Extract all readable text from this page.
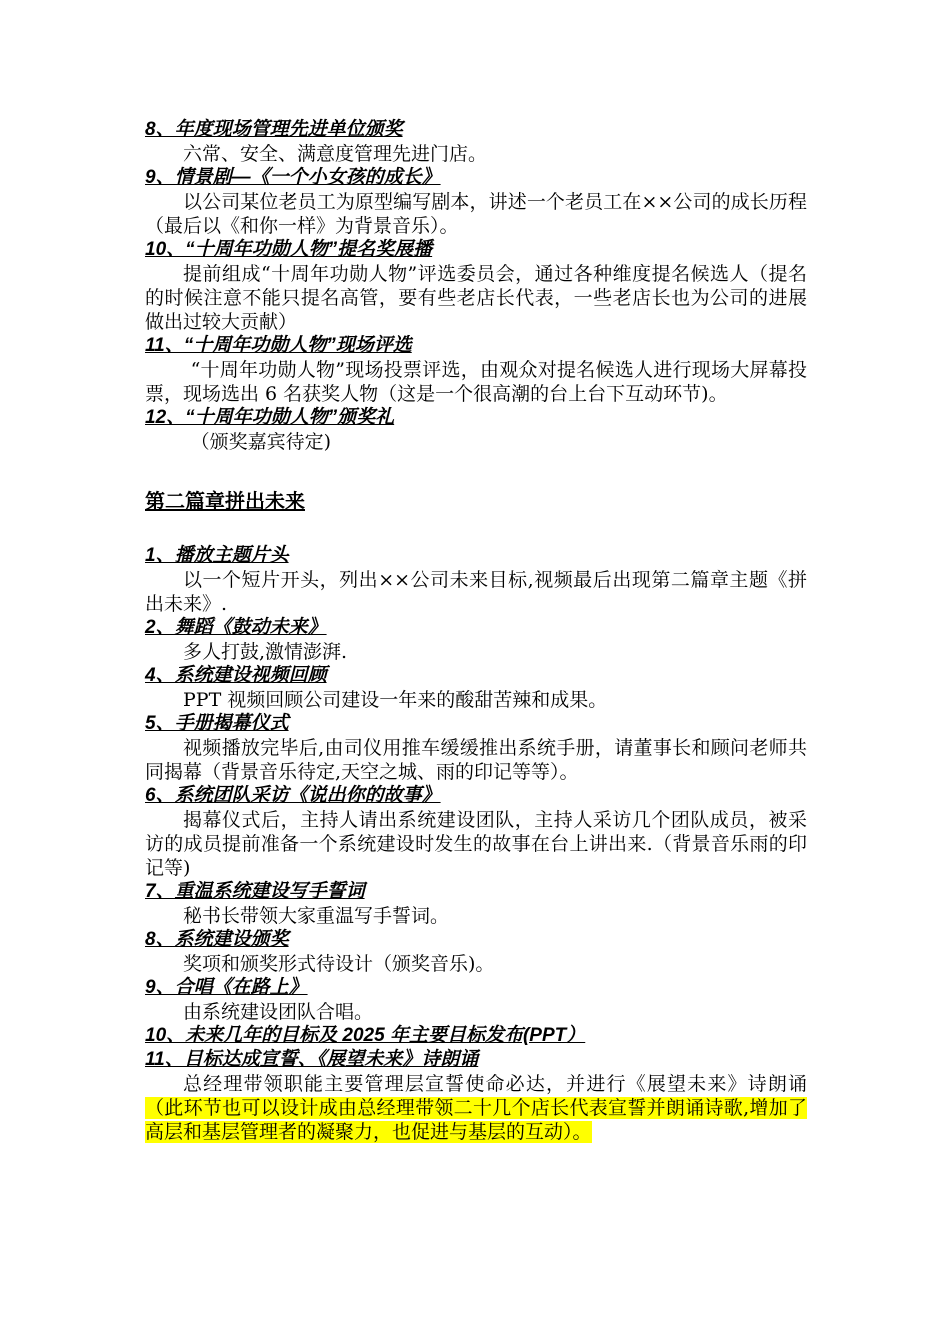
8、年度现场管理先进单位颁奖
六常、安全、满意度管理先进门店。
9、情景剧—《一个小女孩的成长》
以公司某位老员工为原型编写剧本，讲述一个老员工在××公司的成长历程（最后以《和你一样》为背景音乐）。
10、“十周年功勋人物”提名奖展播
提前组成“十周年功勋人物”评选委员会，通过各种维度提名候选人（提名的时候注意不能只提名高管，要有些老店长代表，一些老店长也为公司的进展做出过较大贡献）
11、“十周年功勋人物”现场评选
“十周年功勋人物”现场投票评选，由观众对提名候选人进行现场大屏幕投票，现场选出 6 名获奖人物（这是一个很高潮的台上台下互动环节)。
12、“十周年功勋人物”颁奖礼
（颁奖嘉宾待定)
第二篇章拼出未来
1、播放主题片头
以一个短片开头，列出××公司未来目标,视频最后出现第二篇章主题《拼出未来》.
2、舞蹈《鼓动未来》
多人打鼓,激情澎湃.
4、系统建设视频回顾
PPT 视频回顾公司建设一年来的酸甜苦辣和成果。
5、手册揭幕仪式
视频播放完毕后,由司仪用推车缓缓推出系统手册，请董事长和顾问老师共同揭幕（背景音乐待定,天空之城、雨的印记等等）。
6、系统团队采访《说出你的故事》
揭幕仪式后，主持人请出系统建设团队，主持人采访几个团队成员，被采访的成员提前准备一个系统建设时发生的故事在台上讲出来.（背景音乐雨的印记等)
7、重温系统建设写手誓词
秘书长带领大家重温写手誓词。
8、系统建设颁奖
奖项和颁奖形式待设计（颁奖音乐)。
9、合唱《在路上》
由系统建设团队合唱。
10、未来几年的目标及 2025 年主要目标发布(PPT）
11、目标达成宣誓、《展望未来》诗朗诵
总经理带领职能主要管理层宣誓使命必达，并进行《展望未来》诗朗诵（此环节也可以设计成由总经理带领二十几个店长代表宣誓并朗诵诗歌,增加了高层和基层管理者的凝聚力，也促进与基层的互动）。
